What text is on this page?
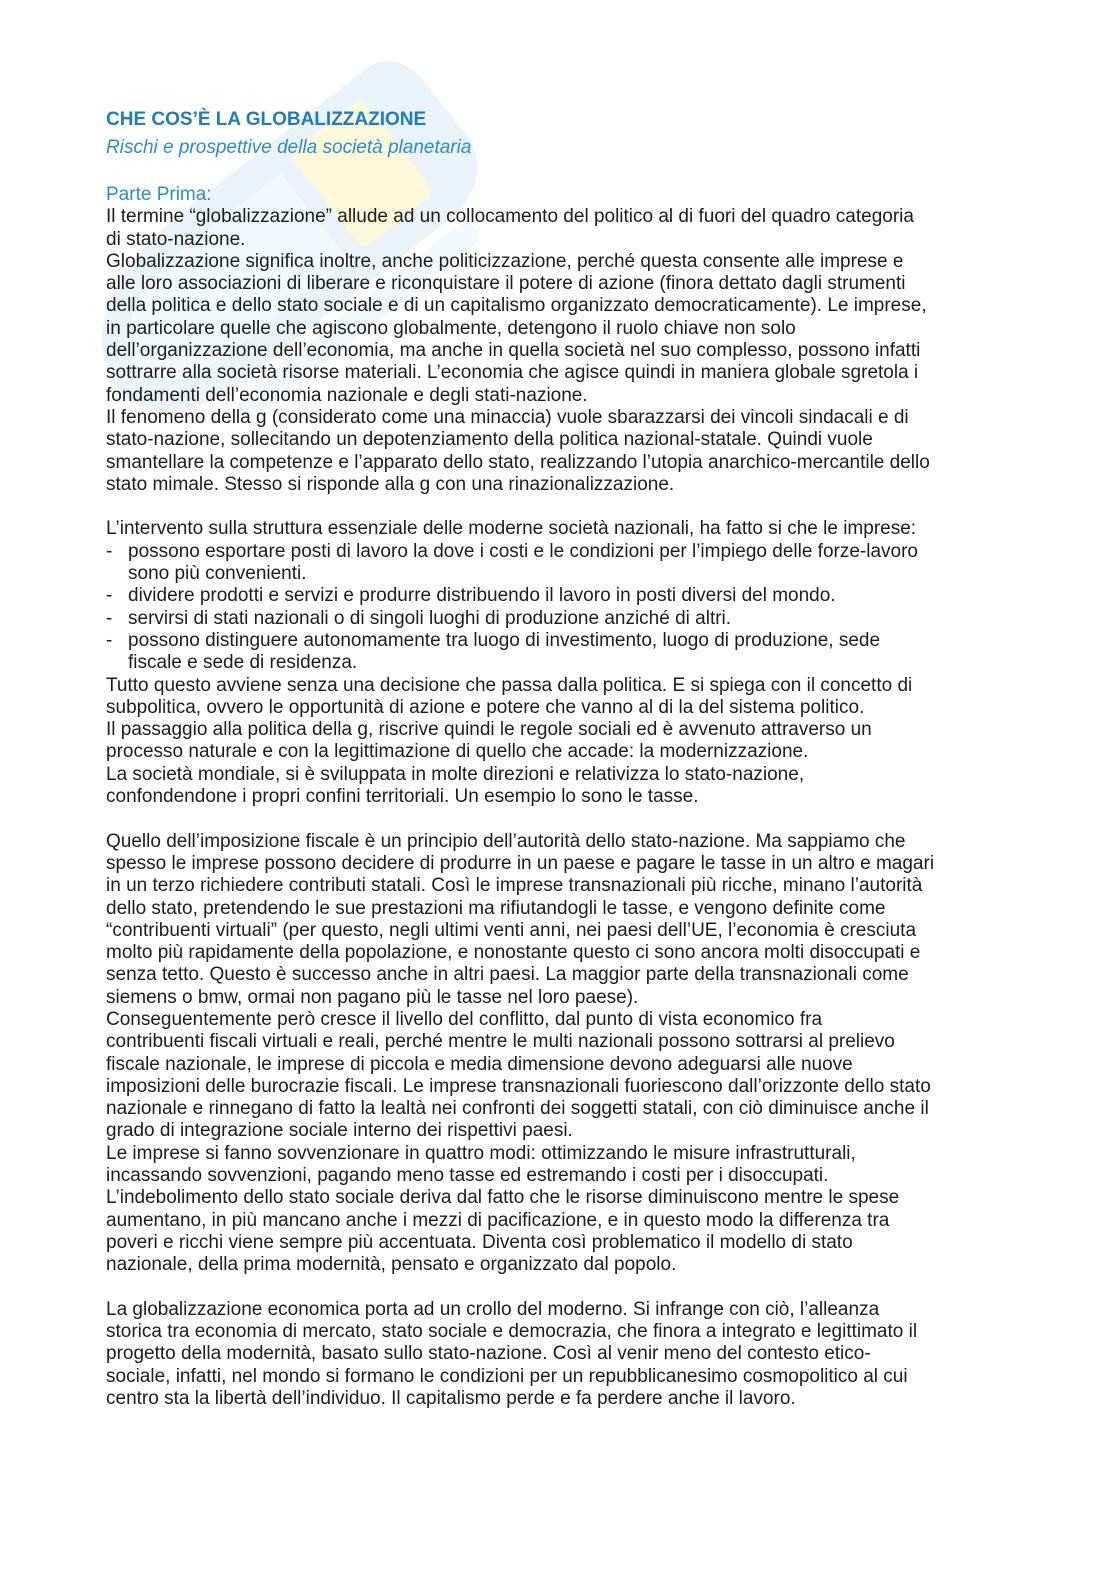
CHE COS’È LA GLOBALIZZAZIONE
Rischi e prospettive della società planetaria
Parte Prima:
Il termine “globalizzazione” allude ad un collocamento del politico al di fuori del quadro categoria
di stato-nazione.
Globalizzazione significa inoltre, anche politicizzazione, perché questa consente alle imprese e
alle loro associazioni di liberare e riconquistare il potere di azione (finora dettato dagli strumenti
della politica e dello stato sociale e di un capitalismo organizzato democraticamente). Le imprese,
in particolare quelle che agiscono globalmente, detengono il ruolo chiave non solo
dell’organizzazione dell’economia, ma anche in quella società nel suo complesso, possono infatti
sottrarre alla società risorse materiali. L’economia che agisce quindi in maniera globale sgretola i
fondamenti dell’economia nazionale e degli stati-nazione.
Il fenomeno della g (considerato come una minaccia) vuole sbarazzarsi dei vincoli sindacali e di
stato-nazione, sollecitando un depotenziamento della politica nazional-statale. Quindi vuole
smantellare la competenze e l’apparato dello stato, realizzando l’utopia anarchico-mercantile dello
stato mimale. Stesso si risponde alla g con una rinazionalizzazione.
L’intervento sulla struttura essenziale delle moderne società nazionali, ha fatto si che le imprese:
- possono esportare posti di lavoro la dove i costi e le condizioni per l’impiego delle forze-lavoro
sono più convenienti.
- dividere prodotti e servizi e produrre distribuendo il lavoro in posti diversi del mondo.
- servirsi di stati nazionali o di singoli luoghi di produzione anziché di altri.
- possono distinguere autonomamente tra luogo di investimento, luogo di produzione, sede
fiscale e sede di residenza.
Tutto questo avviene senza una decisione che passa dalla politica. E si spiega con il concetto di
subpolitica, ovvero le opportunità di azione e potere che vanno al di la del sistema politico.
Il passaggio alla politica della g, riscrive quindi le regole sociali ed è avvenuto attraverso un
processo naturale e con la legittimazione di quello che accade: la modernizzazione.
La società mondiale, si è sviluppata in molte direzioni e relativizza lo stato-nazione,
confondendone i propri confini territoriali. Un esempio lo sono le tasse.
Quello dell’imposizione fiscale è un principio dell’autorità dello stato-nazione. Ma sappiamo che
spesso le imprese possono decidere di produrre in un paese e pagare le tasse in un altro e magari
in un terzo richiedere contributi statali. Così le imprese transnazionali più ricche, minano l’autorità
dello stato, pretendendo le sue prestazioni ma rifiutandogli le tasse, e vengono definite come
“contribuenti virtuali” (per questo, negli ultimi venti anni, nei paesi dell’UE, l’economia è cresciuta
molto più rapidamente della popolazione, e nonostante questo ci sono ancora molti disoccupati e
senza tetto. Questo è successo anche in altri paesi. La maggior parte della transnazionali come
siemens o bmw, ormai non pagano più le tasse nel loro paese).
Conseguentemente però cresce il livello del conflitto, dal punto di vista economico fra
contribuenti fiscali virtuali e reali, perché mentre le multi nazionali possono sottrarsi al prelievo
fiscale nazionale, le imprese di piccola e media dimensione devono adeguarsi alle nuove
imposizioni delle burocrazie fiscali. Le imprese transnazionali fuoriescono dall’orizzonte dello stato
nazionale e rinnegano di fatto la lealtà nei confronti dei soggetti statali, con ciò diminuisce anche il
grado di integrazione sociale interno dei rispettivi paesi.
Le imprese si fanno sovvenzionare in quattro modi: ottimizzando le misure infrastrutturali,
incassando sovvenzioni, pagando meno tasse ed estremando i costi per i disoccupati.
L’indebolimento dello stato sociale deriva dal fatto che le risorse diminuiscono mentre le spese
aumentano, in più mancano anche i mezzi di pacificazione, e in questo modo la differenza tra
poveri e ricchi viene sempre più accentuata. Diventa così problematico il modello di stato
nazionale, della prima modernità, pensato e organizzato dal popolo.
La globalizzazione economica porta ad un crollo del moderno. Si infrange con ciò, l’alleanza
storica tra economia di mercato, stato sociale e democrazia, che finora a integrato e legittimato il
progetto della modernità, basato sullo stato-nazione. Così al venir meno del contesto etico-
sociale, infatti, nel mondo si formano le condizioni per un repubblicanesimo cosmopolitico al cui
centro sta la libertà dell’individuo. Il capitalismo perde e fa perdere anche il lavoro.
